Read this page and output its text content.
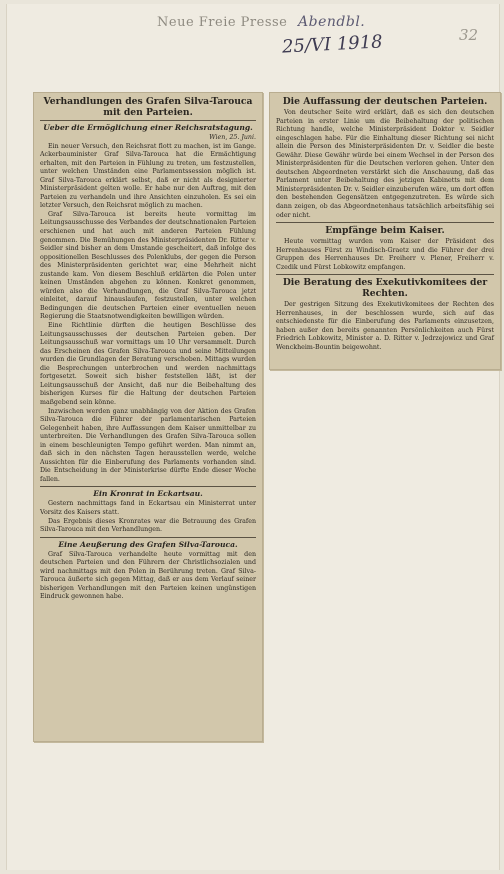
Neue Freie Presse Abendbl.
25/VI 1918	32
Verhandlungen des Grafen Silva-Tarouca mit den Parteien.
Ueber die Ermöglichung einer Reichsratstagung.
Wien, 25. Juni.

Ein neuer Versuch, den Reichsrat flott zu machen, ist im Gange. Ackerbauminister Graf Silva-Tarouca hat die Ermächtigung erhalten, mit den Parteien in Fühlung zu treten, um festzustellen, unter welchen Umständen eine Parlamentssession möglich ist. Graf Silva-Tarouca erklärt selbst, daß er nicht als designierter Ministerpräsident gelten wolle. Er habe nur den Auftrag, mit den Parteien zu verhandeln und ihre Ansichten einzuholen. Es sei ein letzter Versuch, den Reichsrat möglich zu machen.

Graf Silva-Tarouca ist bereits heute vormittag im Leitungsausschusse des Verbandes der deutschnationalen Parteien erschienen und hat auch mit anderen Parteien Fühlung genommen. Die Bemühungen des Ministerpräsidenten Dr. Ritter v. Seidler sind bisher an dem Umstande gescheitert, daß infolge des oppositionellen Beschlusses des Polenklubs, der gegen die Person des Ministerpräsidenten gerichtet war, eine Mehrheit nicht zustande kam. Von diesem Beschluß erklärten die Polen unter keinen Umständen abgehen zu können. Konkret genommen, würden also die Verhandlungen, die Graf Silva-Tarouca jetzt einleitet, darauf hinauslaufen, festzustellen, unter welchen Bedingungen die deutschen Parteien einer eventuellen neuen Regierung die Staatsnotwendigkeiten bewilligen würden.

Eine Richtlinie dürften die heutigen Beschlüsse des Leitungsausschusses der deutschen Parteien geben. Der Leitungsausschuß war vormittags um 10 Uhr versammelt. Durch das Erscheinen des Grafen Silva-Tarouca und seine Mitteilungen wurden die Grundlagen der Beratung verschoben. Mittags wurden die Besprechungen unterbrochen und werden nachmittags fortgesetzt. Soweit sich bisher feststellen läßt, ist der Leitungsausschuß der Ansicht, daß nur die Beibehaltung des bisherigen Kurses für die Haltung der deutschen Parteien maßgebend sein könne.

Inzwischen werden ganz unabhängig von der Aktion des Grafen Silva-Tarouca die Führer der parlamentarischen Parteien Gelegenheit haben, ihre Auffassungen dem Kaiser unmittelbar zu unterbreiten. Die Verhandlungen des Grafen Silva-Tarouca sollen in einem beschleunigten Tempo geführt werden. Man nimmt an, daß sich in den nächsten Tagen herausstellen werde, welche Aussichten für die Einberufung des Parlaments vorhanden sind. Die Entscheidung in der Ministerkrise dürfte Ende dieser Woche fallen.

Ein Kronrat in Eckartsau.

Gestern nachmittags fand in Eckartsau ein Ministerrat unter Vorsitz des Kaisers statt.

Das Ergebnis dieses Kronrates war die Betrauung des Grafen Silva-Tarouca mit den Verhandlungen.

Eine Aeußerung des Grafen Silva-Tarouca.

Graf Silva-Tarouca verhandelte heute vormittag mit den deutschen Parteien und den Führern der Christlichsozialen und wird nachmittags mit den Polen in Berührung treten. Graf Silva-Tarouca äußerte sich gegen Mittag, daß er aus dem Verlauf seiner bisherigen Verhandlungen mit den Parteien keinen ungünstigen Eindruck gewonnen habe.

Die Auffassung der deutschen Parteien.

Von deutscher Seite wird erklärt, daß es sich den deutschen Parteien in erster Linie um die Beibehaltung der politischen Richtung handle, welche Ministerpräsident Doktor v. Seidler eingeschlagen habe. Für die Einhaltung dieser Richtung sei nicht allein die Person des Ministerpräsidenten Dr. v. Seidler die beste Gewähr. Diese Gewähr würde bei einem Wechsel in der Person des Ministerpräsidenten für die Deutschen verloren gehen. Unter den deutschen Abgeordneten verstärkt sich die Anschauung, daß das Parlament unter Beibehaltung des jetzigen Kabinetts mit dem Ministerpräsidenten Dr. v. Seidler einzuberufen wäre, um dort offen den bestehenden Gegensätzen entgegenzutreten. Es würde sich dann zeigen, ob das Abgeordnetenhaus tatsächlich arbeitsfähig sei oder nicht.

Empfänge beim Kaiser.

Heute vormittag wurden vom Kaiser der Präsident des Herrenhauses Fürst zu Windisch-Graetz und die Führer der drei Gruppen des Herrenhauses Dr. Freiherr v. Plener, Freiherr v. Czedik und Fürst Lobkowitz empfangen.

Die Beratung des Exekutivkomitees der Rechten.

Der gestrigen Sitzung des Exekutivkomitees der Rechten des Herrenhauses, in der beschlossen wurde, sich auf das entschiedenste für die Einberufung des Parlaments einzusetzen, haben außer den bereits genannten Persönlichkeiten auch Fürst Friedrich Lobkowitz, Minister a. D. Ritter v. Jedrzejowicz und Graf Wenckheim-Bountin beigewohnt.
